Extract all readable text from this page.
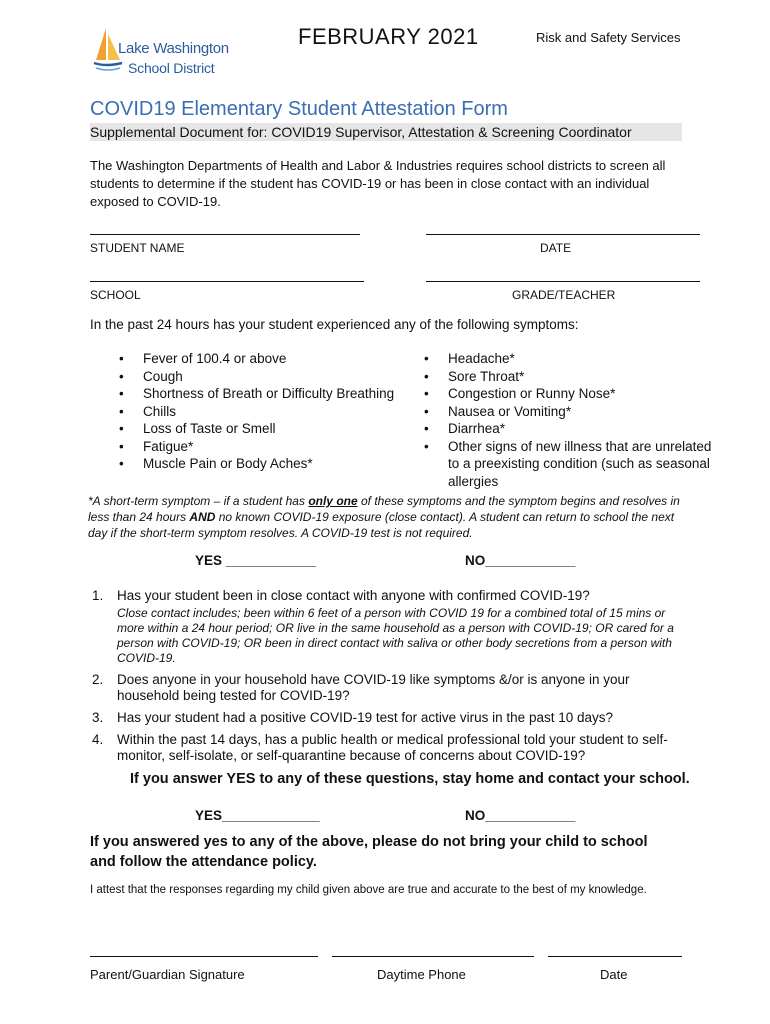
Lake Washington
School District
FEBRUARY 2021	Risk and Safety Services
COVID19 Elementary Student Attestation Form
Supplemental Document for: COVID19 Supervisor, Attestation & Screening Coordinator
The Washington Departments of Health and Labor & Industries requires school districts to screen all students to determine if the student has COVID-19 or has been in close contact with an individual exposed to COVID-19.
STUDENT NAME	DATE
SCHOOL	GRADE/TEACHER
In the past 24 hours has your student experienced any of the following symptoms:
• Fever of 100.4 or above
• Cough
• Shortness of Breath or Difficulty Breathing
• Chills
• Loss of Taste or Smell
• Fatigue*
• Muscle Pain or Body Aches*
• Headache*
• Sore Throat*
• Congestion or Runny Nose*
• Nausea or Vomiting*
• Diarrhea*
• Other signs of new illness that are unrelated to a preexisting condition (such as seasonal allergies
*A short-term symptom – if a student has only one of these symptoms and the symptom begins and resolves in less than 24 hours AND no known COVID-19 exposure (close contact). A student can return to school the next day if the short-term symptom resolves. A COVID-19 test is not required.
YES ____________	NO____________
1. Has your student been in close contact with anyone with confirmed COVID-19?
Close contact includes; been within 6 feet of a person with COVID 19 for a combined total of 15 mins or more within a 24 hour period; OR live in the same household as a person with COVID-19; OR cared for a person with COVID-19; OR been in direct contact with saliva or other body secretions from a person with COVID-19.
2. Does anyone in your household have COVID-19 like symptoms &/or is anyone in your household being tested for COVID-19?
3. Has your student had a positive COVID-19 test for active virus in the past 10 days?
4. Within the past 14 days, has a public health or medical professional told your student to self-monitor, self-isolate, or self-quarantine because of concerns about COVID-19?
If you answer YES to any of these questions, stay home and contact your school.
YES_____________	NO____________
If you answered yes to any of the above, please do not bring your child to school and follow the attendance policy.
I attest that the responses regarding my child given above are true and accurate to the best of my knowledge.
Parent/Guardian Signature	Daytime Phone	Date
